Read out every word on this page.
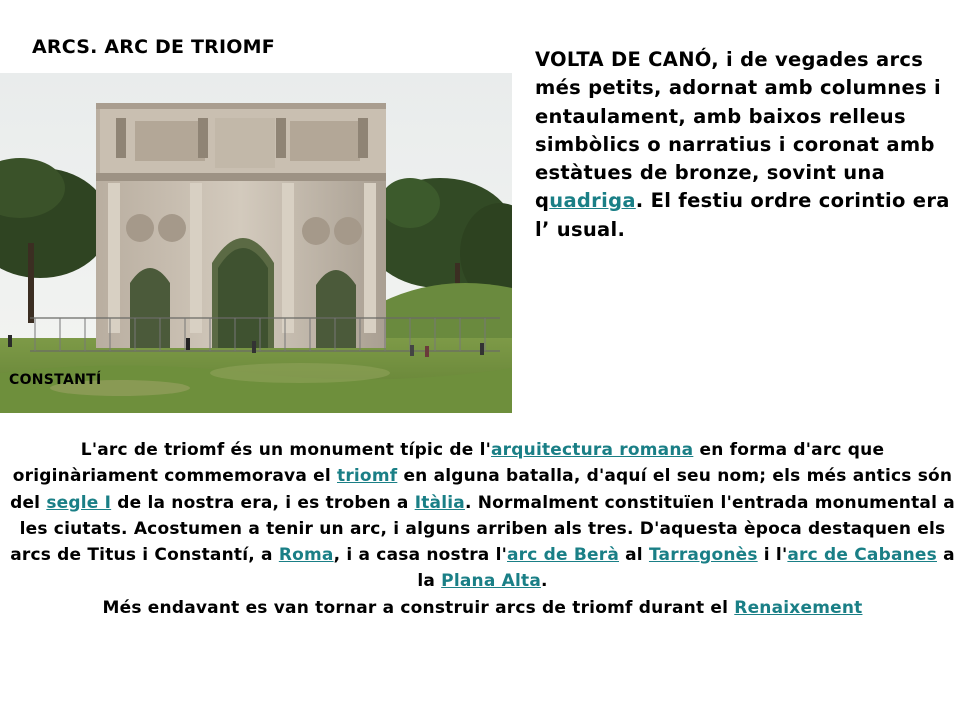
ARCS. ARC DE TRIOMF
CONSTANTÍ
VOLTA DE CANÓ, i de vegades arcs més petits, adornat amb columnes i entaulament, amb baixos relleus simbòlics o narratius i coronat amb estàtues de bronze, sovint una quadriga. El festiu ordre corintio era l’ usual.
L'arc de triomf és un monument típic de l'arquitectura romana en forma d'arc que originàriament commemorava el triomf en alguna batalla, d'aquí el seu nom; els més antics són del segle I de la nostra era, i es troben a Itàlia. Normalment constituïen l'entrada monumental a les ciutats. Acostumen a tenir un arc, i alguns arriben als tres. D'aquesta època destaquen els arcs de Titus i Constantí, a Roma, i a casa nostra l'arc de Berà al Tarragonès i l'arc de Cabanes a la Plana Alta.
Més endavant es van tornar a construir arcs de triomf durant el Renaixement
